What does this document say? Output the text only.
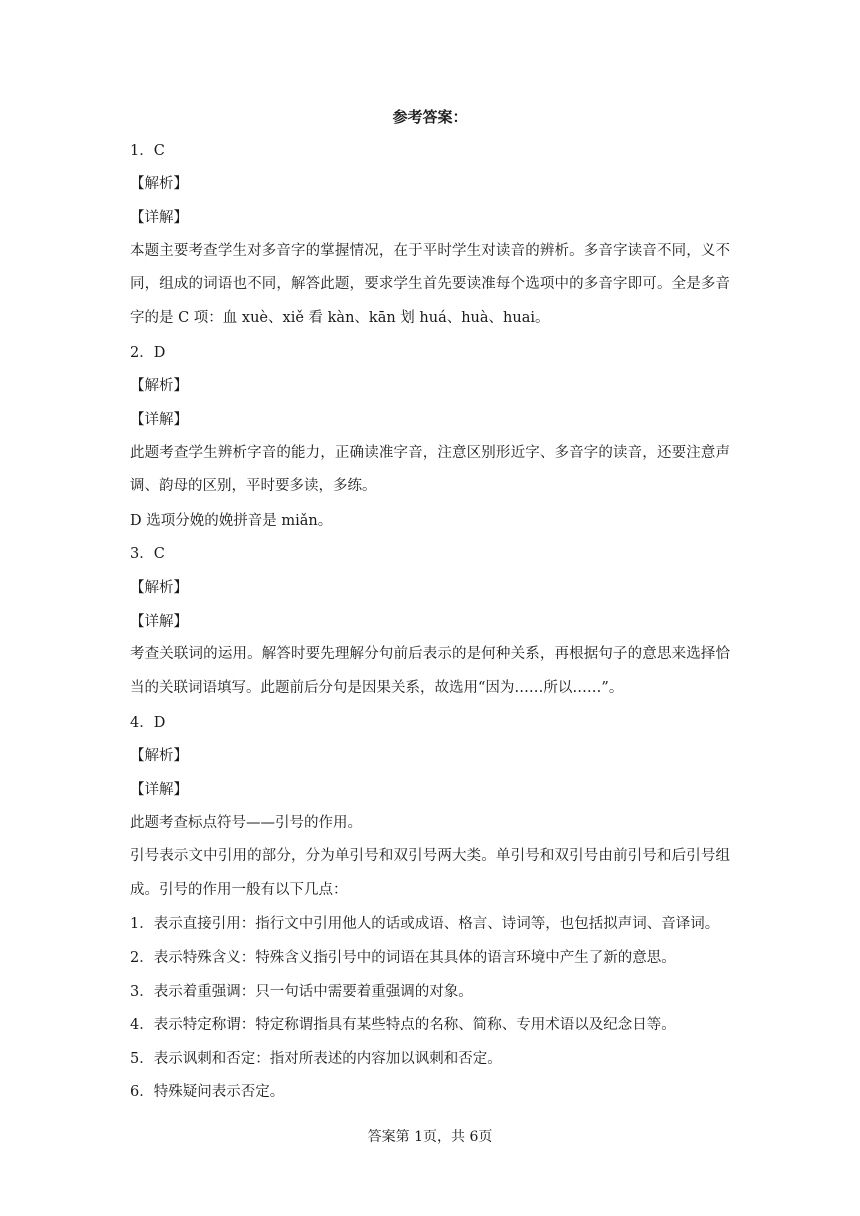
参考答案：

1．C

【解析】

【详解】

本题主要考查学生对多音字的掌握情况，在于平时学生对读音的辨析。多音字读音不同，义不同，组成的词语也不同，解答此题，要求学生首先要读准每个选项中的多音字即可。全是多音字的是 C 项：血 xuè、xiě 看 kàn、kān 划 huá、huà、huai。

2．D

【解析】

【详解】

此题考查学生辨析字音的能力，正确读准字音，注意区别形近字、多音字的读音，还要注意声调、韵母的区别，平时要多读，多练。

D 选项分娩的娩拼音是 miǎn。

3．C

【解析】

【详解】

考查关联词的运用。解答时要先理解分句前后表示的是何种关系，再根据句子的意思来选择恰当的关联词语填写。此题前后分句是因果关系，故选用“因为……所以……”。

4．D

【解析】

【详解】

此题考查标点符号——引号的作用。

引号表示文中引用的部分，分为单引号和双引号两大类。单引号和双引号由前引号和后引号组成。引号的作用一般有以下几点：

1．表示直接引用：指行文中引用他人的话或成语、格言、诗词等，也包括拟声词、音译词。

2．表示特殊含义：特殊含义指引号中的词语在其具体的语言环境中产生了新的意思。

3．表示着重强调：只一句话中需要着重强调的对象。

4．表示特定称谓：特定称谓指具有某些特点的名称、简称、专用术语以及纪念日等。

5．表示讽刺和否定：指对所表述的内容加以讽刺和否定。

6．特殊疑问表示否定。

答案第 1页，共 6页
